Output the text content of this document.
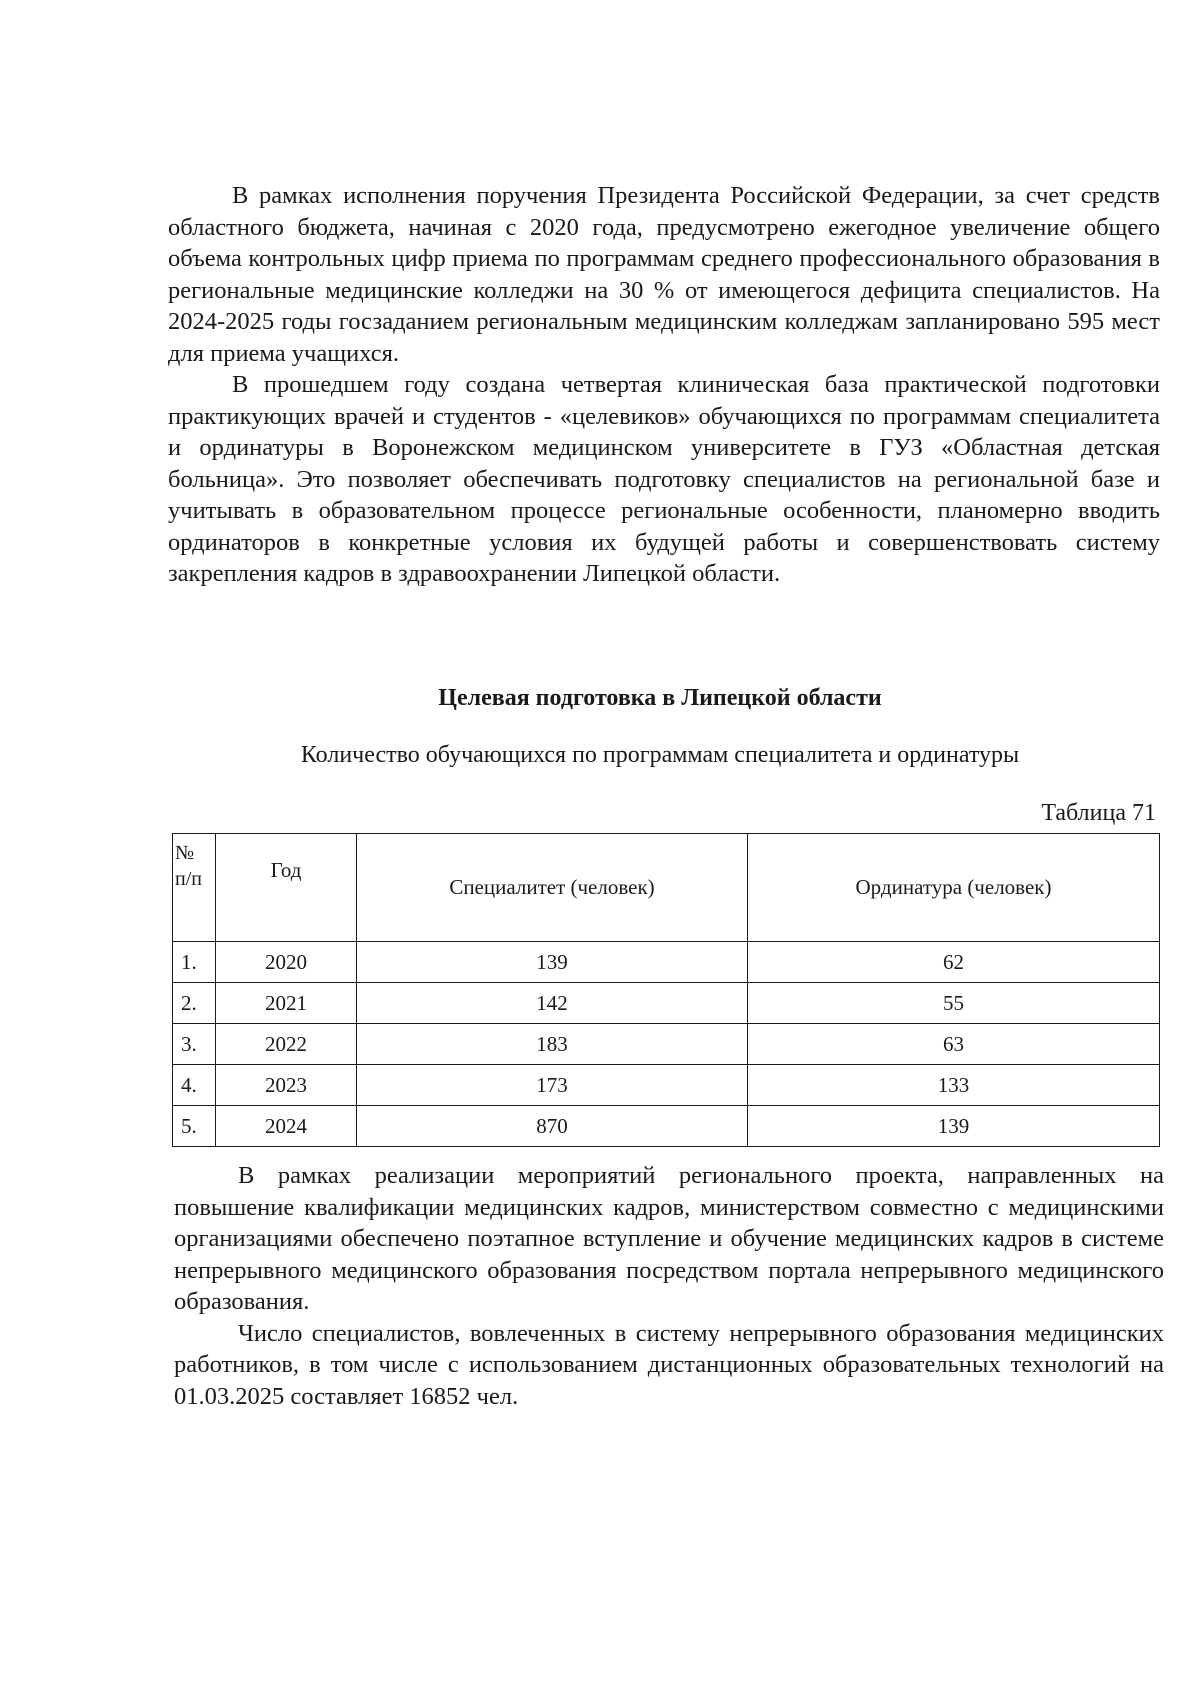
В рамках исполнения поручения Президента Российской Федерации, за счет средств областного бюджета, начиная с 2020 года, предусмотрено ежегодное увеличение общего объема контрольных цифр приема по программам среднего профессионального образования в региональные медицинские колледжи на 30 % от имеющегося дефицита специалистов. На 2024-2025 годы госзаданием региональным медицинским колледжам запланировано 595 мест для приема учащихся.

В прошедшем году создана четвертая клиническая база практической подготовки практикующих врачей и студентов - «целевиков» обучающихся по программам специалитета и ординатуры в Воронежском медицинском университете в ГУЗ «Областная детская больница». Это позволяет обеспечивать подготовку специалистов на региональной базе и учитывать в образовательном процессе региональные особенности, планомерно вводить ординаторов в конкретные условия их будущей работы и совершенствовать систему закрепления кадров в здравоохранении Липецкой области.

Целевая подготовка в Липецкой области
Количество обучающихся по программам специалитета и ординатуры
Таблица 71
№ п/п	Год	Специалитет (человек)	Ординатура (человек)
1.	2020	139	62
2.	2021	142	55
3.	2022	183	63
4.	2023	173	133
5.	2024	870	139

В рамках реализации мероприятий регионального проекта, направленных на повышение квалификации медицинских кадров, министерством совместно с медицинскими организациями обеспечено поэтапное вступление и обучение медицинских кадров в системе непрерывного медицинского образования посредством портала непрерывного медицинского образования.

Число специалистов, вовлеченных в систему непрерывного образования медицинских работников, в том числе с использованием дистанционных образовательных технологий на 01.03.2025 составляет 16852 чел.
